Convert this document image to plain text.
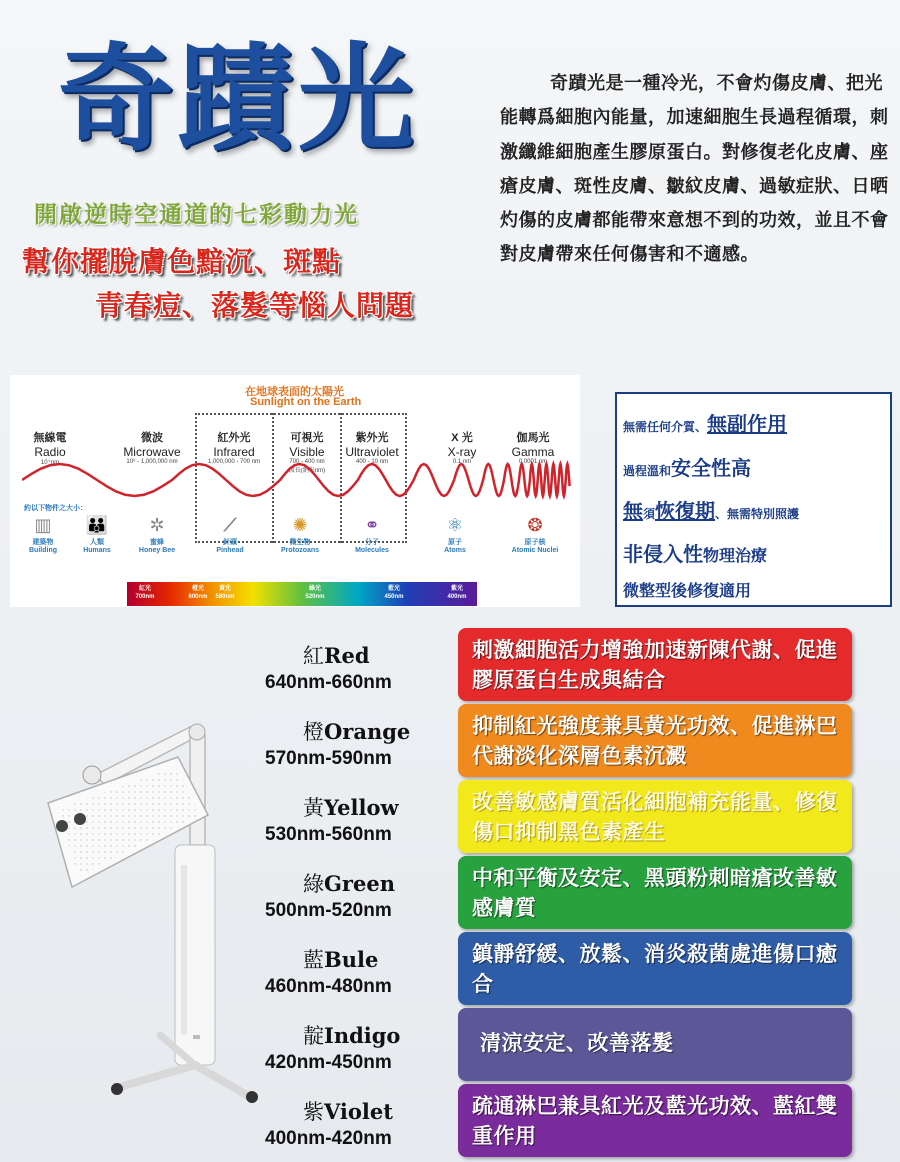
奇蹟光
開啟逆時空通道的七彩動力光
幫你擺脫膚色黯沉、斑點
青春痘、落髮等惱人問題
奇蹟光是一種冷光，不會灼傷皮膚、把光能轉爲細胞內能量，加速細胞生長過程循環，刺激纖維細胞產生膠原蛋白。對修復老化皮膚、座瘡皮膚、斑性皮膚、皺紋皮膚、過敏症狀、日晒灼傷的皮膚都能帶來意想不到的功效，並且不會對皮膚帶來任何傷害和不適感。
在地球表面的太陽光
Sunlight on the Earth
無線電
Radio
10⁺nm
微波
Microwave
10⁶ - 1,000,000 nm
紅外光
Infrared
1,000,000 - 700 nm
可視光
Visible
700 - 400 nm
波長(納米nm)
紫外光
Ultraviolet
400 - 10 nm
X 光
X-ray
0.1 nm
伽馬光
Gamma
0.0001 nm
約以下物件之大小：
▥
建築物
Building
👪
人類
Humans
✲
蜜蜂
Honey Bee
⟋
針頭
Pinhead
✺
微生物
Protozoans
⚭
分子
Molecules
⚛
原子
Atoms
❂
原子核
Atomic Nuclei
紅光
700nm
橙光
600nm
黃光
580nm
綠光
520nm
藍光
450nm
紫光
400nm
無需任何介質、無副作用
過程溫和安全性高
無須恢復期、無需特別照護
非侵入性物理治療
微整型後修復適用
紅Red
640nm-660nm
刺激細胞活力增強加速新陳代謝、促進膠原蛋白生成與結合
橙Orange
570nm-590nm
抑制紅光強度兼具黃光功效、促進淋巴代謝淡化深層色素沉澱
黃Yellow
530nm-560nm
改善敏感膚質活化細胞補充能量、修復傷口抑制黑色素產生
綠Green
500nm-520nm
中和平衡及安定、黑頭粉刺暗瘡改善敏感膚質
藍Bule
460nm-480nm
鎮靜舒緩、放鬆、消炎殺菌處進傷口癒合
靛Indigo
420nm-450nm
清涼安定、改善落髮
紫Violet
400nm-420nm
疏通淋巴兼具紅光及藍光功效、藍紅雙重作用
